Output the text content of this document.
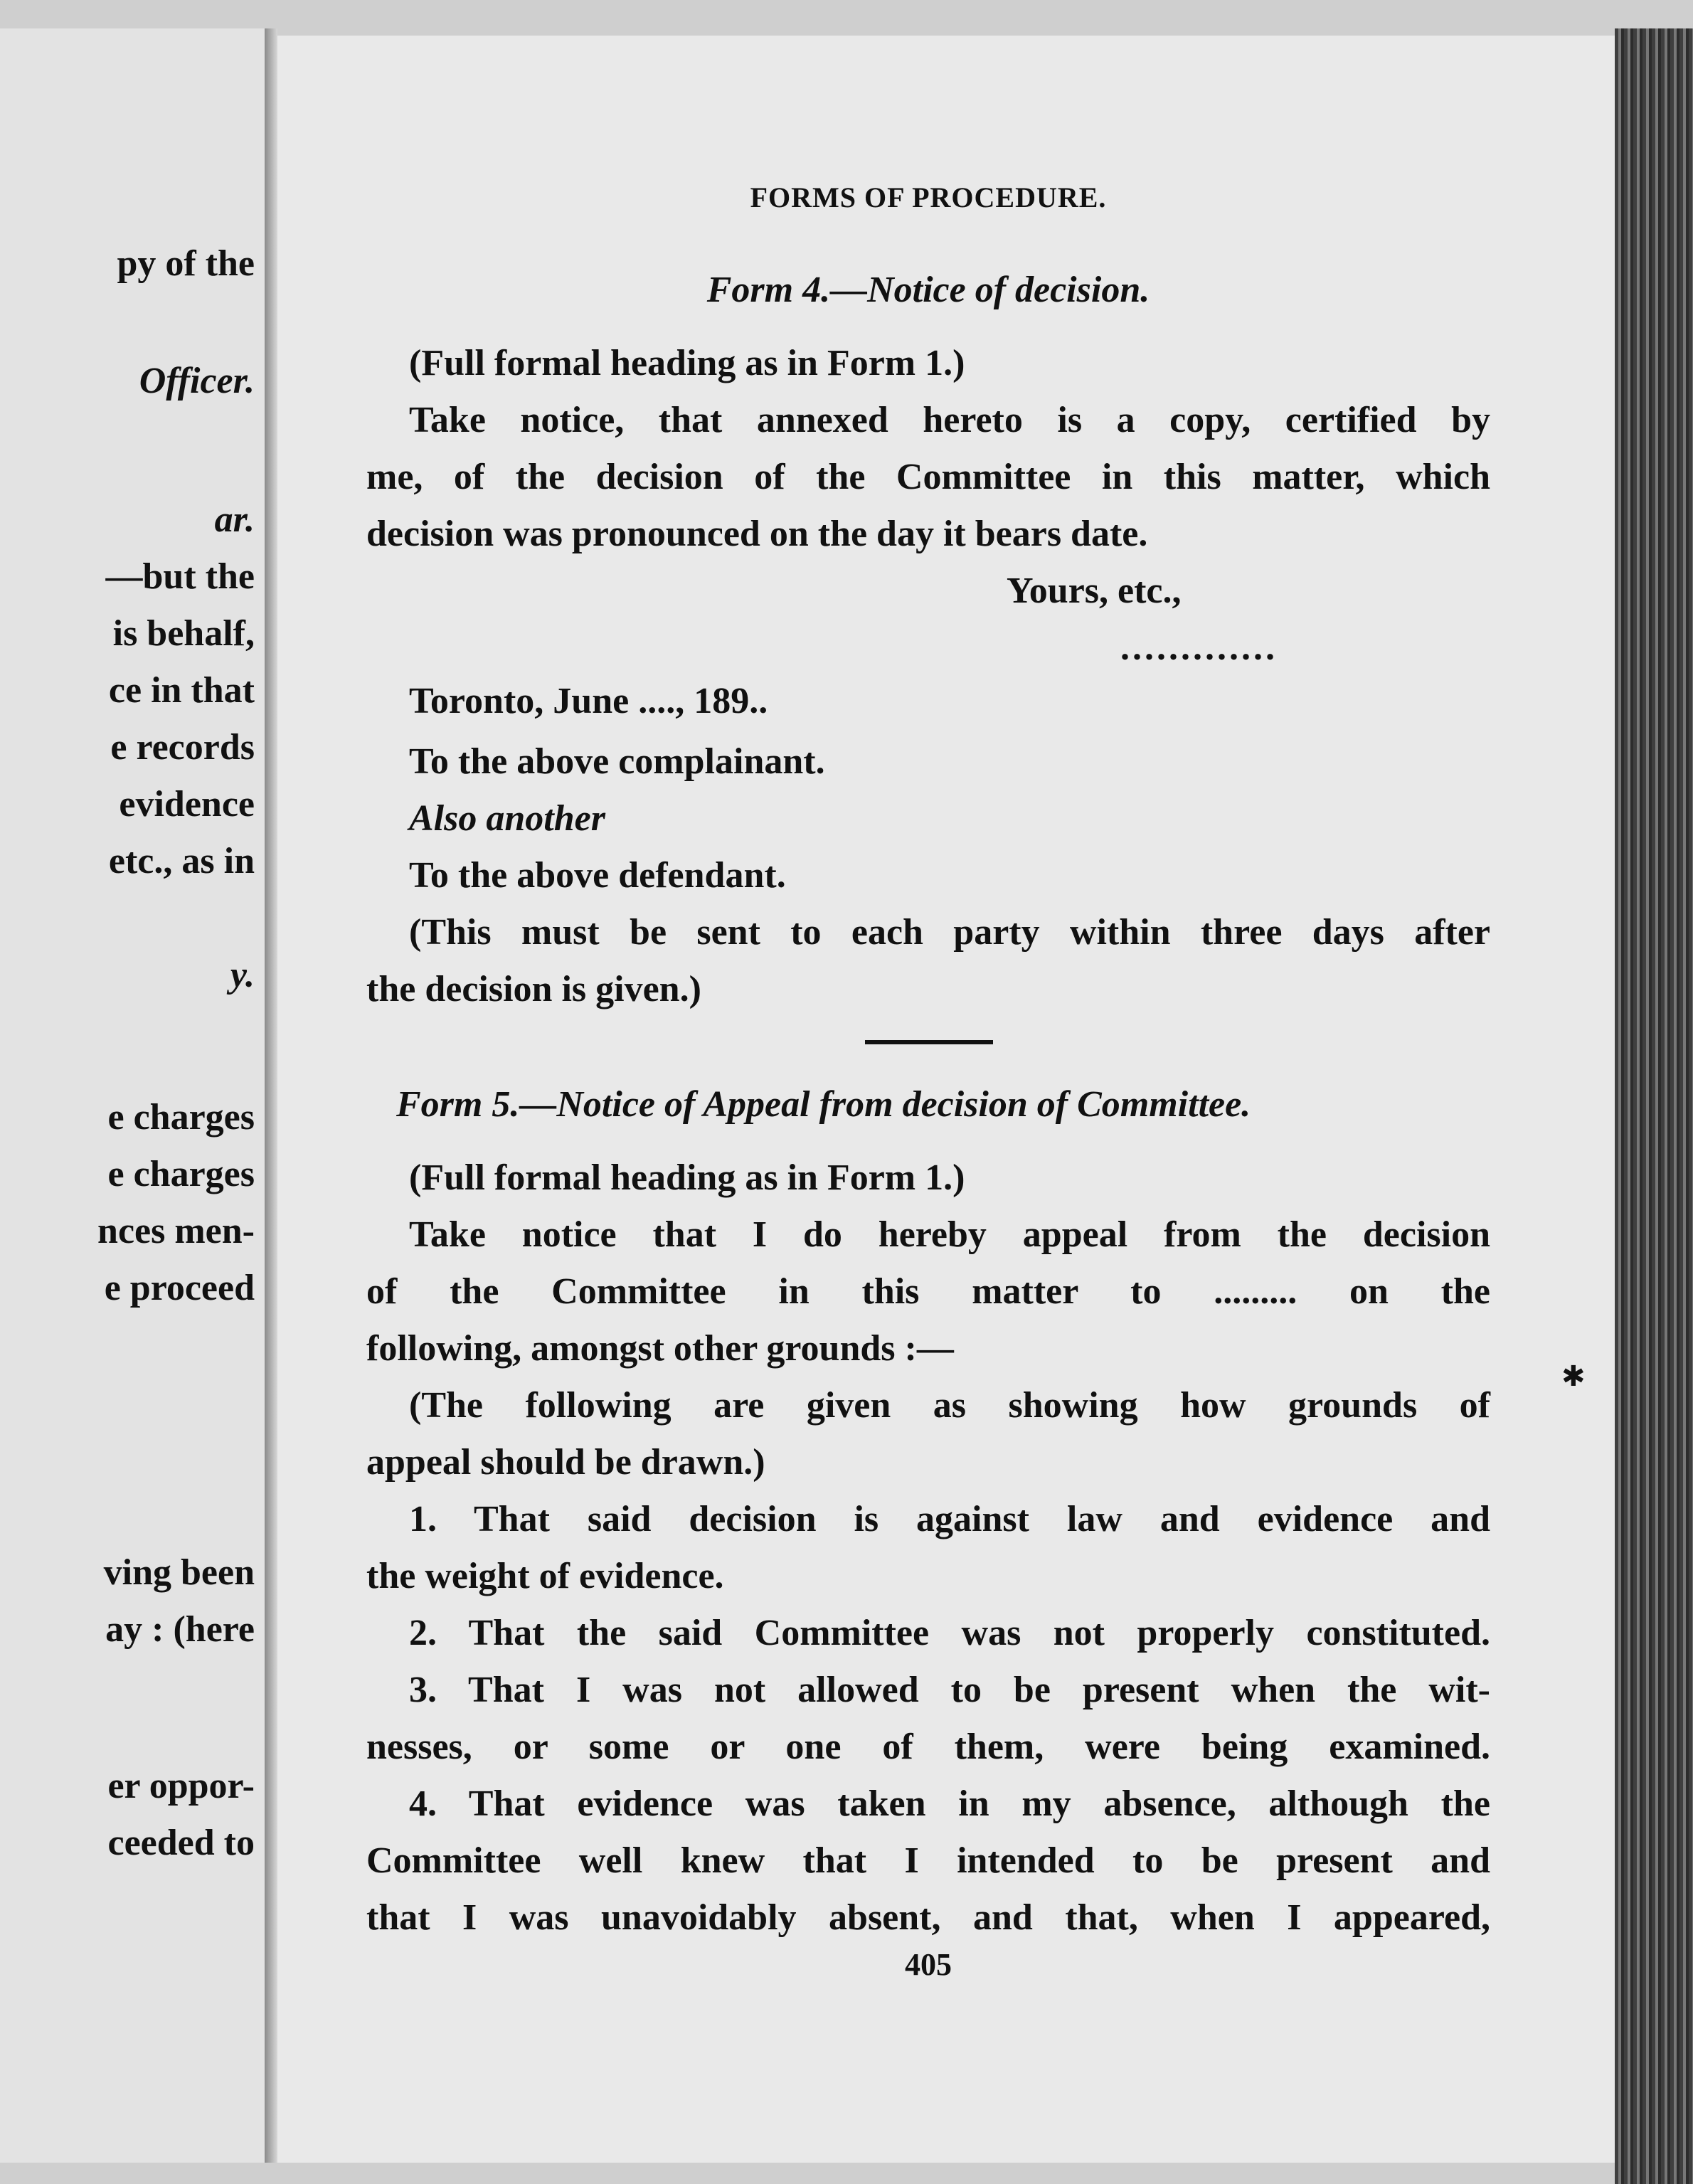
py of the
Officer.
ar.
—but the
is behalf,
ce in that
e records
evidence
etc., as in
y.
e charges
e charges
nces men-
e proceed
ving been
ay : (here
er oppor-
ceeded to
FORMS OF PROCEDURE.
Form 4.—Notice of decision.
(Full formal heading as in Form 1.)
Take notice, that annexed hereto is a copy, certified by
me, of the decision of the Committee in this matter, which
decision was pronounced on the day it bears date.
Yours, etc.,
.............
Toronto, June ...., 189..
To the above complainant.
Also another
To the above defendant.
(This must be sent to each party within three days after
the decision is given.)
Form 5.—Notice of Appeal from decision of Committee.
(Full formal heading as in Form 1.)
Take notice that I do hereby appeal from the decision
of the Committee in this matter to ......... on the
following, amongst other grounds :—
(The following are given as showing how grounds of
appeal should be drawn.)
1. That said decision is against law and evidence and
the weight of evidence.
2. That the said Committee was not properly constituted.
3. That I was not allowed to be present when the wit-
nesses, or some or one of them, were being examined.
4. That evidence was taken in my absence, although the
Committee well knew that I intended to be present and
that I was unavoidably absent, and that, when I appeared,
405
✱
